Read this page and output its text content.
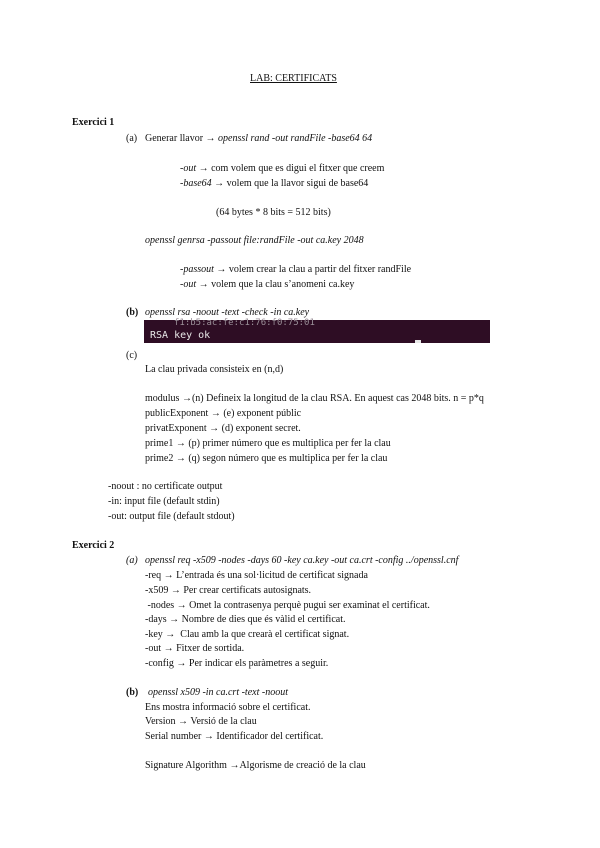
LAB: CERTIFICATS
Exercici 1
(a) Generar llavor → openssl rand -out randFile -base64 64
-out → com volem que es digui el fitxer que creem
-base64 → volem que la llavor sigui de base64
(64 bytes * 8 bits = 512 bits)
openssl genrsa -passout file:randFile -out ca.key 2048
-passout → volem crear la clau a partir del fitxer randFile
-out → volem que la clau s’anomeni ca.key
(b) openssl rsa -noout -text -check -in ca.key
f1:b5:ac:fe:c1:76:f0:75:01
RSA key ok
(c)
La clau privada consisteix en (n,d)
modulus →(n) Defineix la longitud de la clau RSA. En aquest cas 2048 bits. n = p*q
publicExponent → (e) exponent públic
privatExponent → (d) exponent secret.
prime1 → (p) primer número que es multiplica per fer la clau
prime2 → (q) segon número que es multiplica per fer la clau
-noout : no certificate output
-in: input file (default stdin)
-out: output file (default stdout)
Exercici 2
(a) openssl req -x509 -nodes -days 60 -key ca.key -out ca.crt -config ../openssl.cnf
-req → L’entrada és una sol·licitud de certificat signada
-x509 → Per crear certificats autosignats.
-nodes → Omet la contrasenya perquè pugui ser examinat el certificat.
-days → Nombre de dies que és vàlid el certificat.
-key →  Clau amb la que crearà el certificat signat.
-out → Fitxer de sortida.
-config → Per indicar els paràmetres a seguir.
(b) openssl x509 -in ca.crt -text -noout
Ens mostra informació sobre el certificat.
Version → Versió de la clau
Serial number → Identificador del certificat.
Signature Algorithm →Algorisme de creació de la clau
